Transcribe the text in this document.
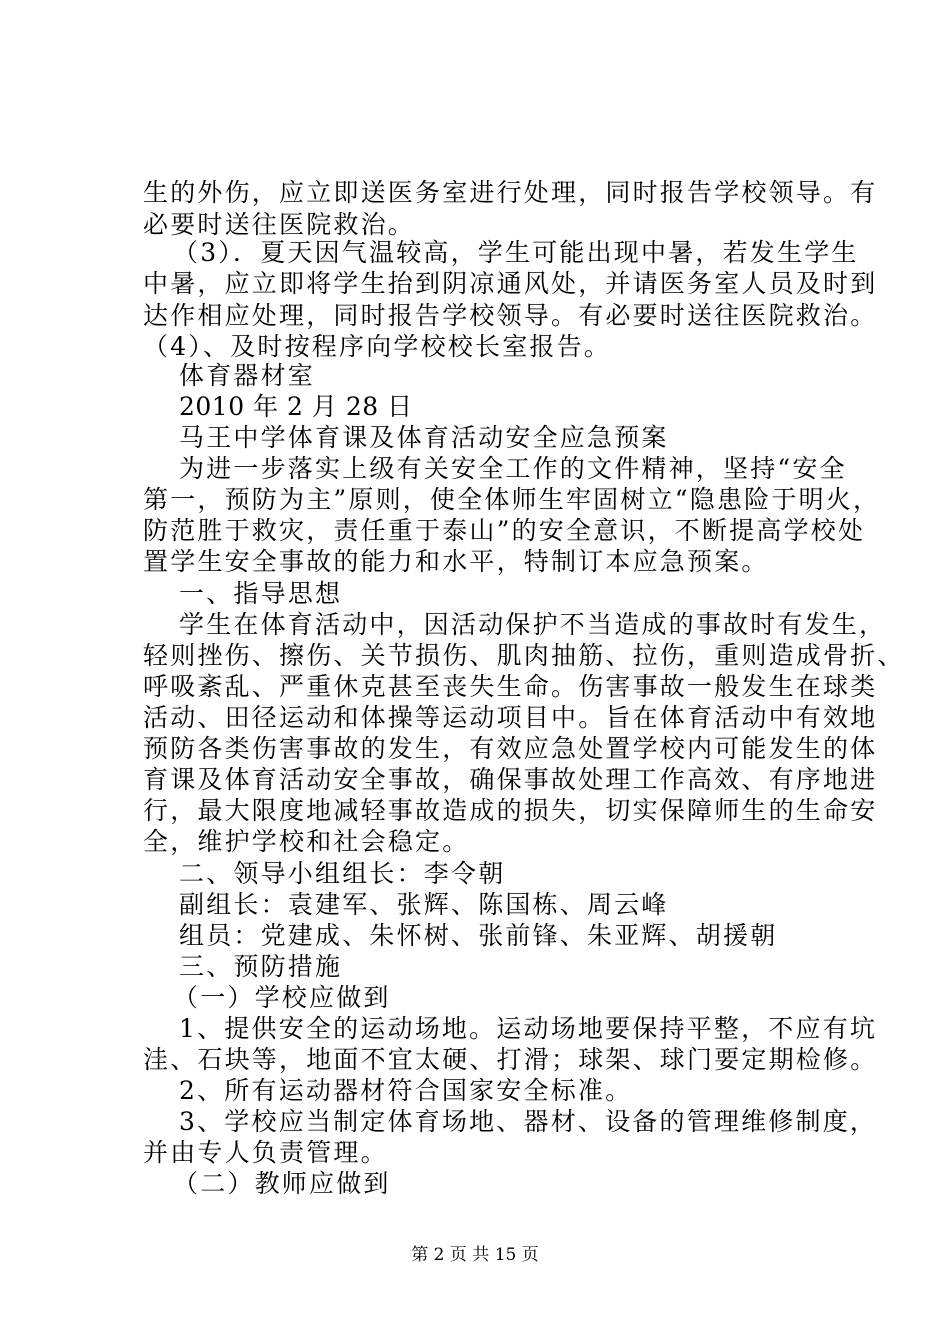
生的外伤，应立即送医务室进行处理，同时报告学校领导。有
必要时送往医院救治。
（3）．夏天因气温较高，学生可能出现中暑，若发生学生
中暑，应立即将学生抬到阴凉通风处，并请医务室人员及时到
达作相应处理，同时报告学校领导。有必要时送往医院救治。
（4）、及时按程序向学校校长室报告。
体育器材室
2010 年 2 月 28 日
马王中学体育课及体育活动安全应急预案
为进一步落实上级有关安全工作的文件精神，坚持“安全
第一，预防为主”原则，使全体师生牢固树立“隐患险于明火，
防范胜于救灾，责任重于泰山”的安全意识，不断提高学校处
置学生安全事故的能力和水平，特制订本应急预案。
一、指导思想
学生在体育活动中，因活动保护不当造成的事故时有发生，
轻则挫伤、擦伤、关节损伤、肌肉抽筋、拉伤，重则造成骨折、
呼吸紊乱、严重休克甚至丧失生命。伤害事故一般发生在球类
活动、田径运动和体操等运动项目中。旨在体育活动中有效地
预防各类伤害事故的发生，有效应急处置学校内可能发生的体
育课及体育活动安全事故，确保事故处理工作高效、有序地进
行，最大限度地减轻事故造成的损失，切实保障师生的生命安
全，维护学校和社会稳定。
二、领导小组组长：李令朝
副组长：袁建军、张辉、陈国栋、周云峰
组员：党建成、朱怀树、张前锋、朱亚辉、胡援朝
三、预防措施
（一）学校应做到
1、提供安全的运动场地。运动场地要保持平整，不应有坑
洼、石块等，地面不宜太硬、打滑；球架、球门要定期检修。
2、所有运动器材符合国家安全标准。
3、学校应当制定体育场地、器材、设备的管理维修制度，
并由专人负责管理。
（二）教师应做到
第 2 页 共 15 页
